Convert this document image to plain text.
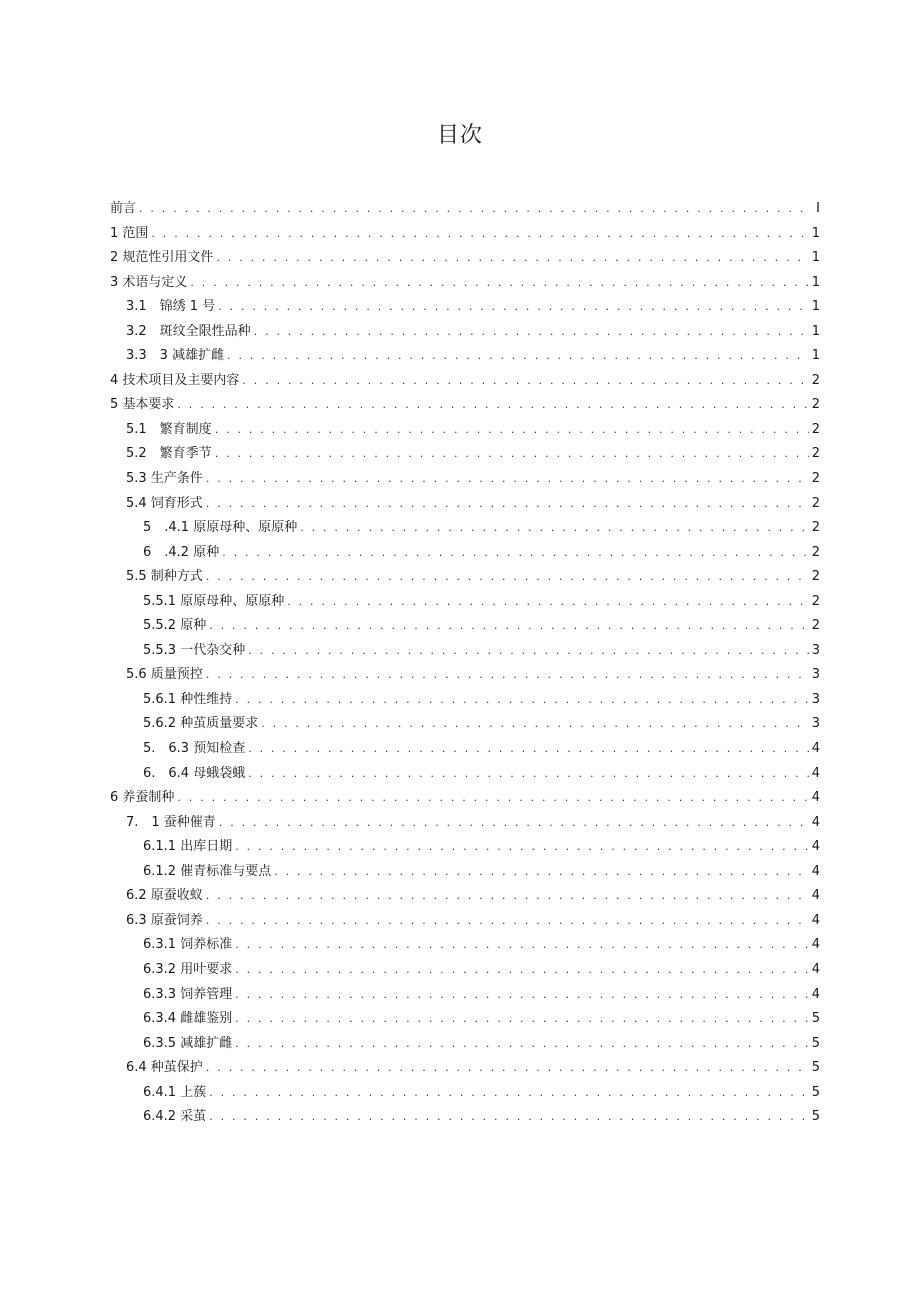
目次
前言 . . .	I
1 范围 . . .	1
2 规范性引用文件 . . .	1
3 术语与定义 . . .	1
3.1　锦绣 1 号 . . .	1
3.2　斑纹全限性品种 . . .	1
3.3　3 减雄扩雌 . . .	1
4 技术项目及主要内容 . . .	2
5 基本要求 . . .	2
5.1　繁育制度 . . .	2
5.2　繁育季节 . . .	2
5.3 生产条件 . . .	2
5.4 饲育形式 . . .	2
5　.4.1 原原母种、原原种 . . .	2
6　.4.2 原种 . . .	2
5.5 制种方式 . . .	2
5.5.1 原原母种、原原种 . . .	2
5.5.2 原种 . . .	2
5.5.3 一代杂交种 . . .	3
5.6 质量预控 . . .	3
5.6.1 种性维持 . . .	3
5.6.2 种茧质量要求 . . .	3
5.　6.3 预知检查 . . .	4
6.　6.4 母蛾袋蛾 . . .	4
6 养蚕制种 . . .	4
7.　1 蚕种催青 . . .	4
6.1.1 出库日期 . . .	4
6.1.2 催青标准与要点 . . .	4
6.2 原蚕收蚁 . . .	4
6.3 原蚕饲养 . . .	4
6.3.1 饲养标准 . . .	4
6.3.2 用叶要求 . . .	4
6.3.3 饲养管理 . . .	4
6.3.4 雌雄鉴别 . . .	5
6.3.5 减雄扩雌 . . .	5
6.4 种茧保护 . . .	5
6.4.1 上蔟 . . .	5
6.4.2 采茧 . . .	5
